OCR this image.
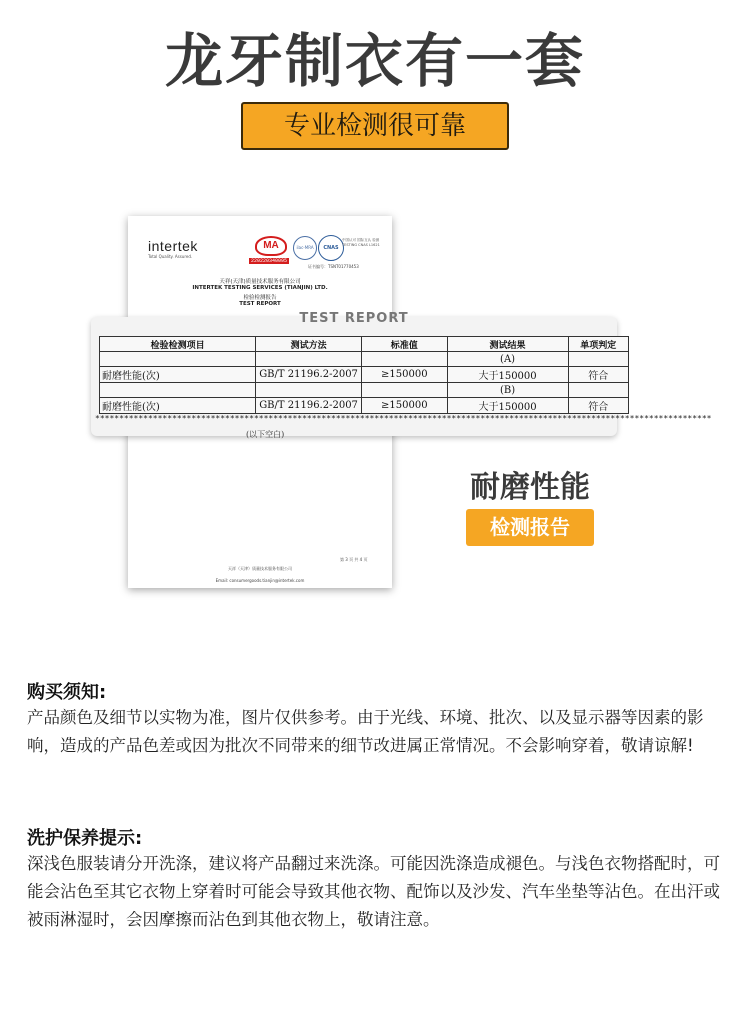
龙牙制衣有一套
专业检测很可靠
intertek
Total Quality. Assured.
MA
220220340095
ilac-MRA	CNAS
中国认可 国际互认 检测 TESTING CNAS L1621
证书编号：TSNT01770453
天祥(天津)质量技术服务有限公司
INTERTEK TESTING SERVICES (TIANJIN) LTD.
检验检测报告
TEST REPORT
第 3 页 共 4 页
天祥（天津）质量技术服务有限公司
Email: consumergoods.tianjin@intertek.com
TEST REPORT
检验检测项目	测试方法	标准值	测试结果	单项判定
			(A)	
耐磨性能(次)	GB/T 21196.2-2007	≥150000	大于150000	符合
			(B)	
耐磨性能(次)	GB/T 21196.2-2007	≥150000	大于150000	符合
********************************************************************************************************************************
(以下空白)
耐磨性能
检测报告
购买须知:
产品颜色及细节以实物为准，图片仅供参考。由于光线、环境、批次、以及显示器等因素的影响，造成的产品色差或因为批次不同带来的细节改进属正常情况。不会影响穿着，敬请谅解!
洗护保养提示:
深浅色服装请分开洗涤，建议将产品翻过来洗涤。可能因洗涤造成褪色。与浅色衣物搭配时，可能会沾色至其它衣物上穿着时可能会导致其他衣物、配饰以及沙发、汽车坐垫等沾色。在出汗或被雨淋湿时，会因摩擦而沾色到其他衣物上，敬请注意。
